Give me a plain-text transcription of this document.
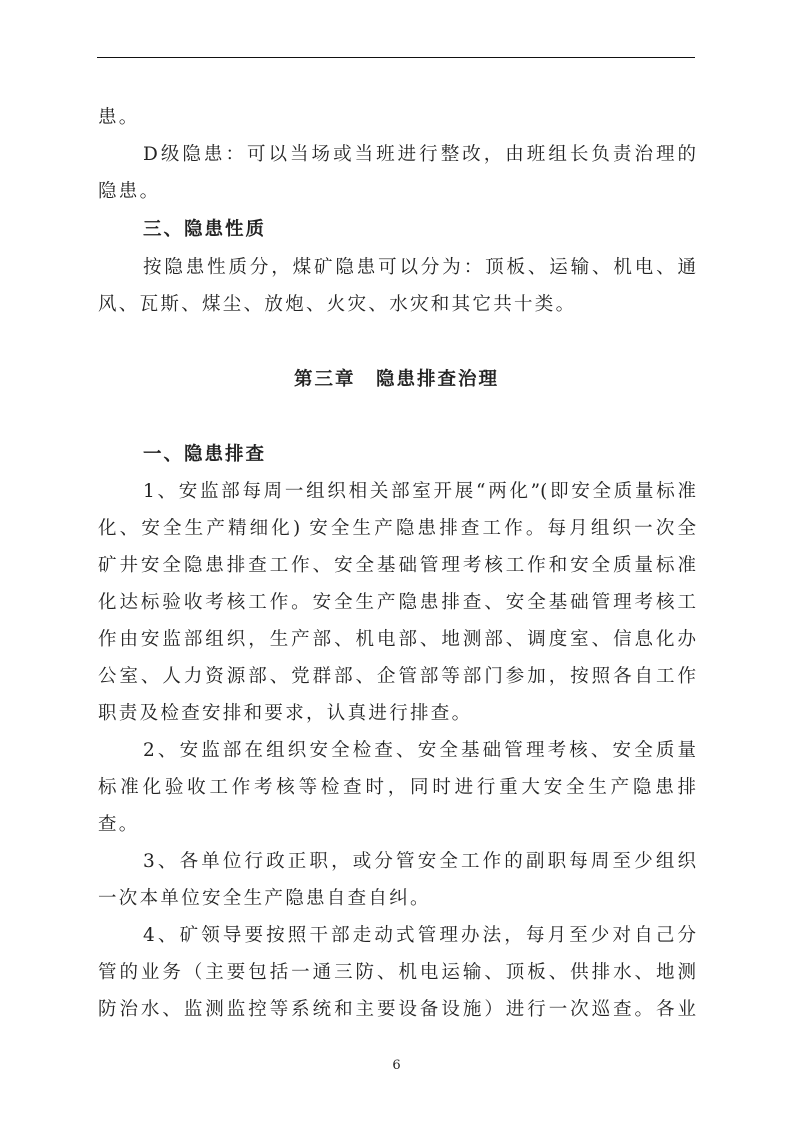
患。
D级隐患：可以当场或当班进行整改，由班组长负责治理的
隐患。
三、隐患性质
按隐患性质分，煤矿隐患可以分为：顶板、运输、机电、通
风、瓦斯、煤尘、放炮、火灾、水灾和其它共十类。
一、隐患排查
1、安监部每周一组织相关部室开展“两化”(即安全质量标准
化、安全生产精细化) 安全生产隐患排查工作。每月组织一次全
矿井安全隐患排查工作、安全基础管理考核工作和安全质量标准
化达标验收考核工作。安全生产隐患排查、安全基础管理考核工
作由安监部组织，生产部、机电部、地测部、调度室、信息化办
公室、人力资源部、党群部、企管部等部门参加，按照各自工作
职责及检查安排和要求，认真进行排查。
2、安监部在组织安全检查、安全基础管理考核、安全质量
标准化验收工作考核等检查时，同时进行重大安全生产隐患排
查。
3、各单位行政正职，或分管安全工作的副职每周至少组织
一次本单位安全生产隐患自查自纠。
4、矿领导要按照干部走动式管理办法，每月至少对自己分
管的业务（主要包括一通三防、机电运输、顶板、供排水、地测
防治水、监测监控等系统和主要设备设施）进行一次巡查。各业
第三章　隐患排查治理
6
